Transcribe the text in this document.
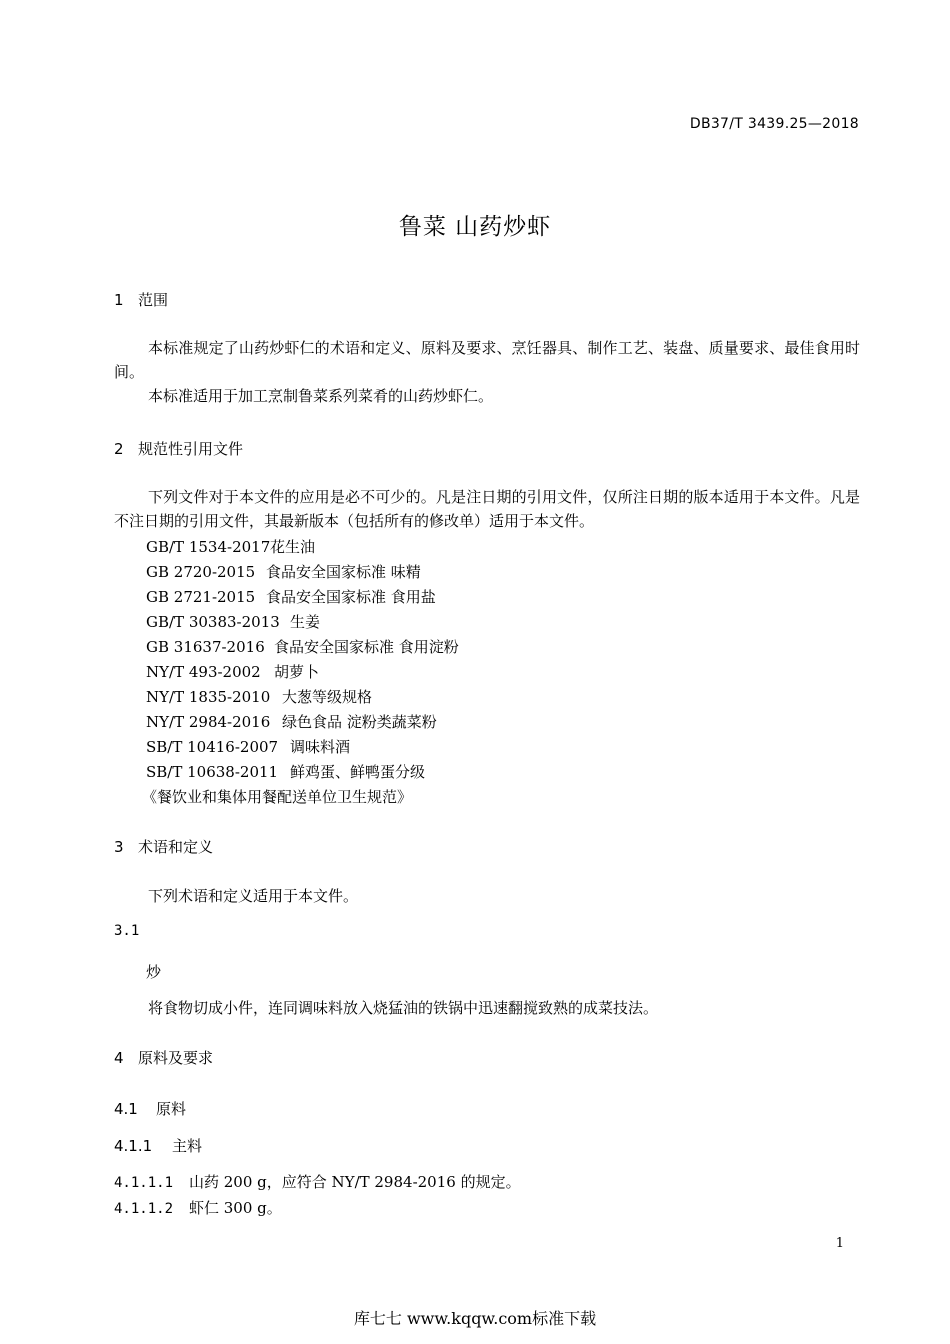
DB37/T 3439.25—2018
鲁菜 山药炒虾
1 范围
本标准规定了山药炒虾仁的术语和定义、原料及要求、烹饪器具、制作工艺、装盘、质量要求、最佳食用时间。
本标准适用于加工烹制鲁菜系列菜肴的山药炒虾仁。
2 规范性引用文件
下列文件对于本文件的应用是必不可少的。凡是注日期的引用文件，仅所注日期的版本适用于本文件。凡是不注日期的引用文件，其最新版本（包括所有的修改单）适用于本文件。
GB/T 1534-2017花生油
GB 2720-2015 食品安全国家标准 味精
GB 2721-2015 食品安全国家标准 食用盐
GB/T 30383-2013 生姜
GB 31637-2016 食品安全国家标准 食用淀粉
NY/T 493-2002 胡萝卜
NY/T 1835-2010 大葱等级规格
NY/T 2984-2016 绿色食品 淀粉类蔬菜粉
SB/T 10416-2007 调味料酒
SB/T 10638-2011 鲜鸡蛋、鲜鸭蛋分级
《餐饮业和集体用餐配送单位卫生规范》
3 术语和定义
下列术语和定义适用于本文件。
3.1
炒
将食物切成小件，连同调味料放入烧猛油的铁锅中迅速翻搅致熟的成菜技法。
4 原料及要求
4.1 原料
4.1.1 主料
4.1.1.1 山药 200 g，应符合 NY/T 2984-2016 的规定。
4.1.1.2 虾仁 300 g。
1
库七七 www.kqqw.com标准下载
